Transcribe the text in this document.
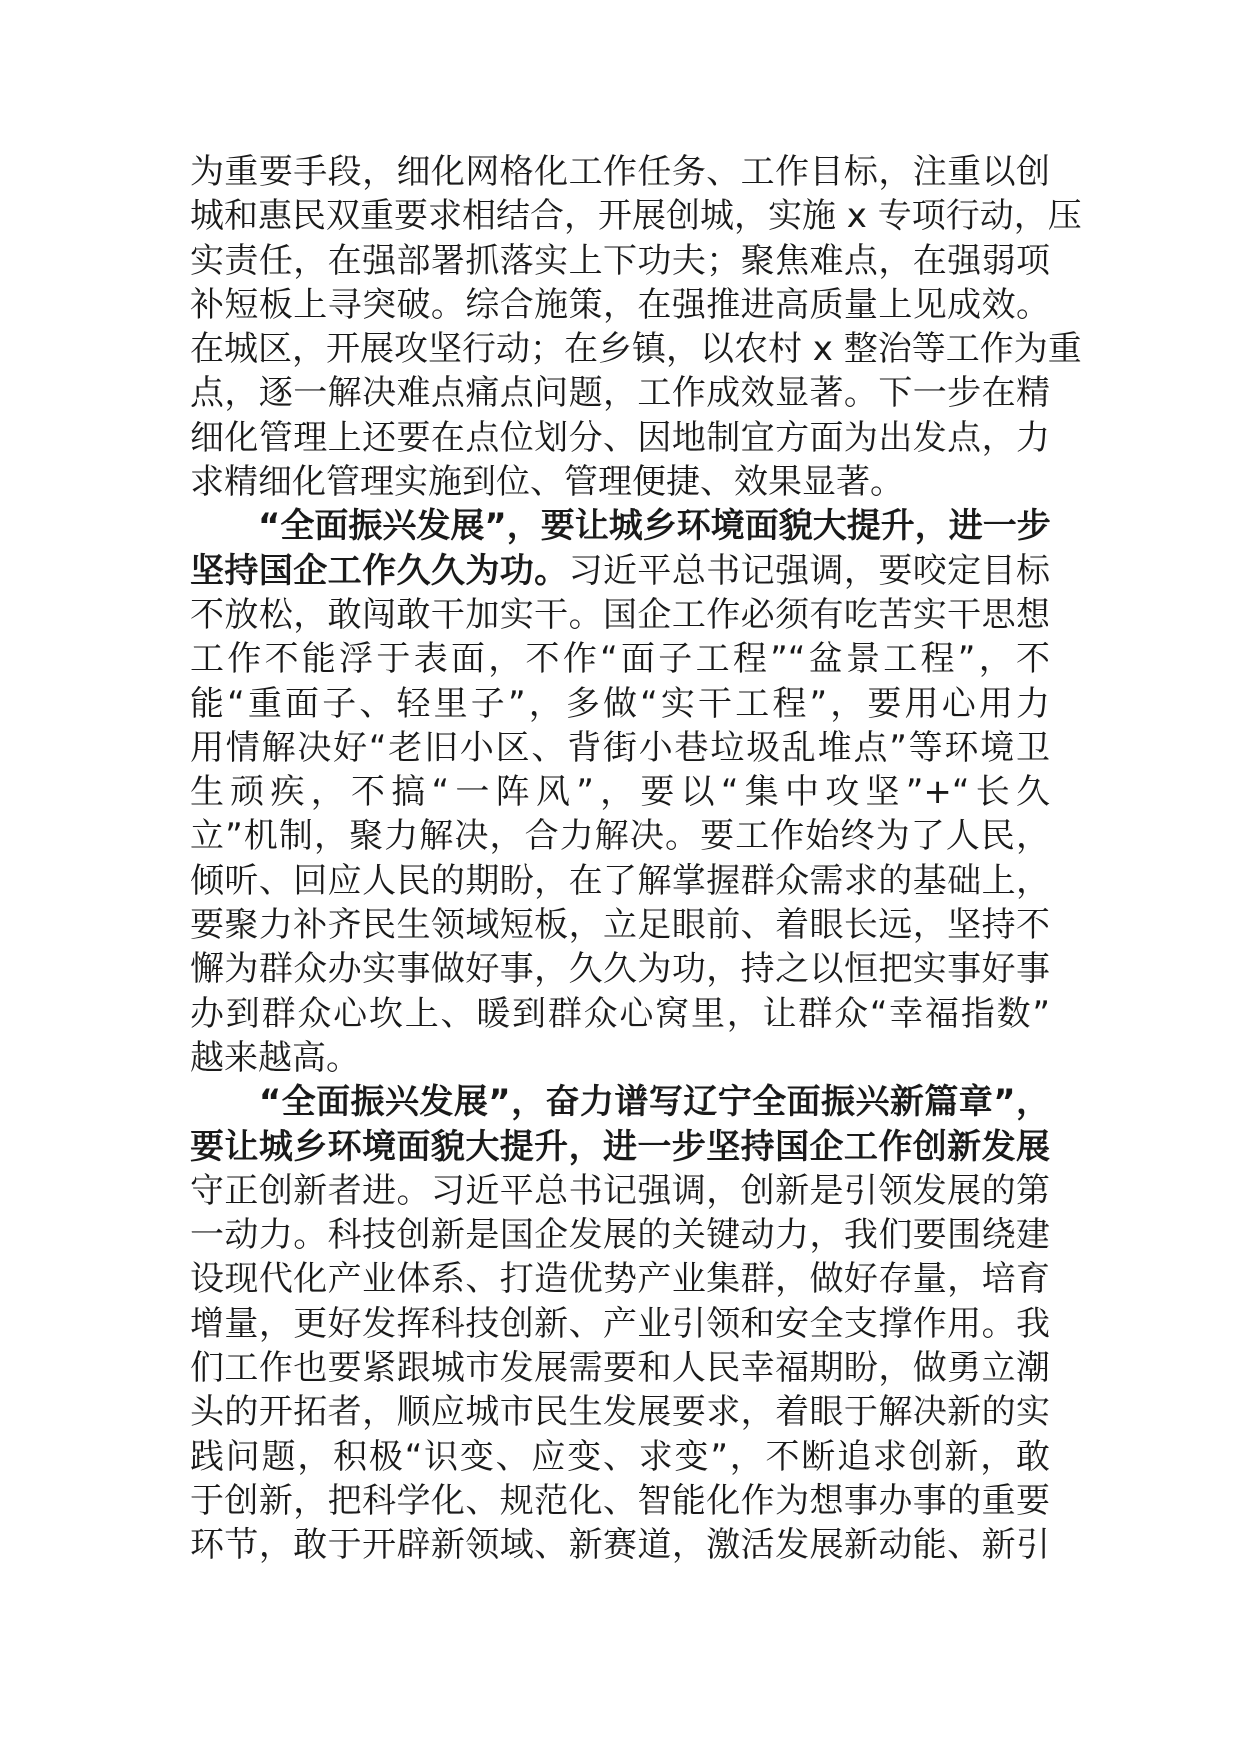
为重要手段，细化网格化工作任务、工作目标，注重以创
城和惠民双重要求相结合，开展创城，实施 x 专项行动，压
实责任，在强部署抓落实上下功夫；聚焦难点，在强弱项
补短板上寻突破。综合施策，在强推进高质量上见成效。
在城区，开展攻坚行动；在乡镇，以农村 x 整治等工作为重
点，逐一解决难点痛点问题，工作成效显著。下一步在精
细化管理上还要在点位划分、因地制宜方面为出发点，力
求精细化管理实施到位、管理便捷、效果显著。
　　“全面振兴发展”，要让城乡环境面貌大提升，进一步
坚持国企工作久久为功。习近平总书记强调，要咬定目标
不放松，敢闯敢干加实干。国企工作必须有吃苦实干思想
工作不能浮于表面，不作“面子工程”“盆景工程”，不
能“重面子、轻里子”，多做“实干工程”，要用心用力
用情解决好“老旧小区、背街小巷垃圾乱堆点”等环境卫
生顽疾，不搞“一阵风”，要以“集中攻坚”+“长久
立”机制，聚力解决，合力解决。要工作始终为了人民，
倾听、回应人民的期盼，在了解掌握群众需求的基础上，
要聚力补齐民生领域短板，立足眼前、着眼长远，坚持不
懈为群众办实事做好事，久久为功，持之以恒把实事好事
办到群众心坎上、暖到群众心窝里，让群众“幸福指数”
越来越高。
　　“全面振兴发展”，奋力谱写辽宁全面振兴新篇章”，
要让城乡环境面貌大提升，进一步坚持国企工作创新发展
守正创新者进。习近平总书记强调，创新是引领发展的第
一动力。科技创新是国企发展的关键动力，我们要围绕建
设现代化产业体系、打造优势产业集群，做好存量，培育
增量，更好发挥科技创新、产业引领和安全支撑作用。我
们工作也要紧跟城市发展需要和人民幸福期盼，做勇立潮
头的开拓者，顺应城市民生发展要求，着眼于解决新的实
践问题，积极“识变、应变、求变”，不断追求创新，敢
于创新，把科学化、规范化、智能化作为想事办事的重要
环节，敢于开辟新领域、新赛道，激活发展新动能、新引
